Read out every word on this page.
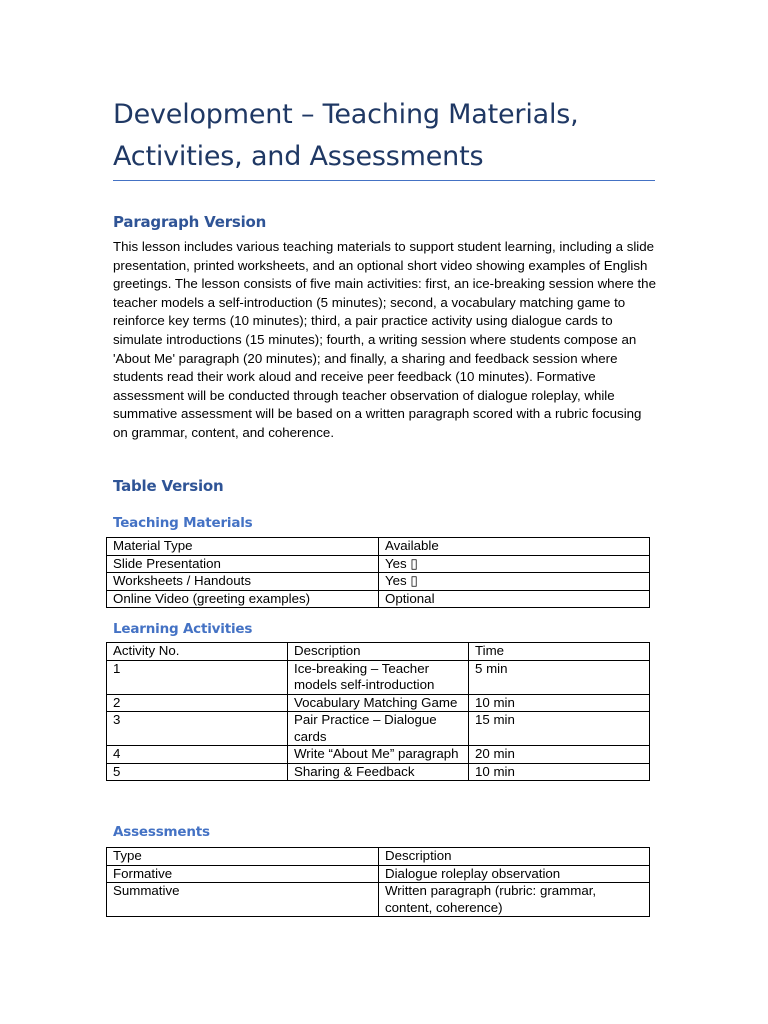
Development – Teaching Materials, Activities, and Assessments
Paragraph Version
This lesson includes various teaching materials to support student learning, including a slide presentation, printed worksheets, and an optional short video showing examples of English greetings. The lesson consists of five main activities: first, an ice-breaking session where the teacher models a self-introduction (5 minutes); second, a vocabulary matching game to reinforce key terms (10 minutes); third, a pair practice activity using dialogue cards to simulate introductions (15 minutes); fourth, a writing session where students compose an 'About Me' paragraph (20 minutes); and finally, a sharing and feedback session where students read their work aloud and receive peer feedback (10 minutes). Formative assessment will be conducted through teacher observation of dialogue roleplay, while summative assessment will be based on a written paragraph scored with a rubric focusing on grammar, content, and coherence.
Table Version
Teaching Materials
Material Type	Available
Slide Presentation	Yes ▯
Worksheets / Handouts	Yes ▯
Online Video (greeting examples)	Optional
Learning Activities
Activity No.	Description	Time
1	Ice-breaking – Teacher models self-introduction	5 min
2	Vocabulary Matching Game	10 min
3	Pair Practice – Dialogue cards	15 min
4	Write “About Me” paragraph	20 min
5	Sharing & Feedback	10 min
Assessments
Type	Description
Formative	Dialogue roleplay observation
Summative	Written paragraph (rubric: grammar, content, coherence)
